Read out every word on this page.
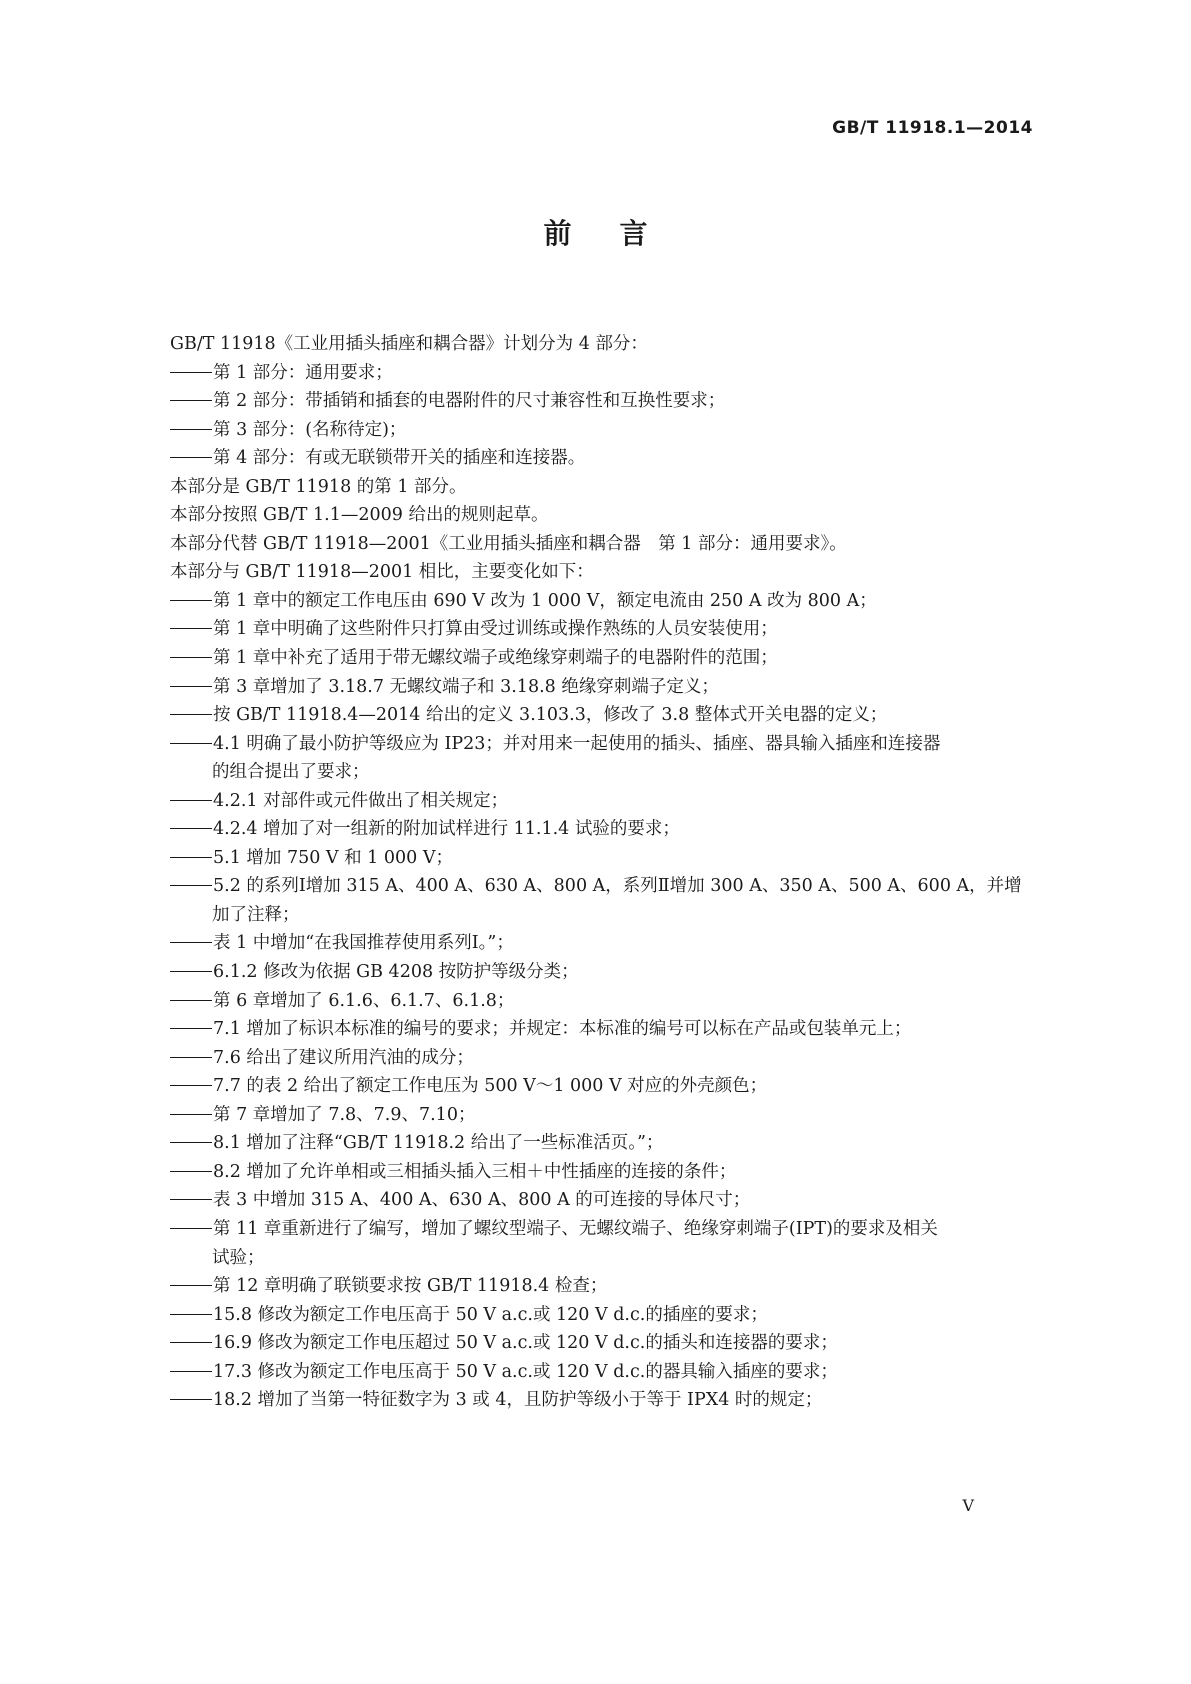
GB/T 11918.1—2014
前言
GB/T 11918《工业用插头插座和耦合器》计划分为 4 部分：
第 1 部分：通用要求；
第 2 部分：带插销和插套的电器附件的尺寸兼容性和互换性要求；
第 3 部分：(名称待定)；
第 4 部分：有或无联锁带开关的插座和连接器。
本部分是 GB/T 11918 的第 1 部分。
本部分按照 GB/T 1.1—2009 给出的规则起草。
本部分代替 GB/T 11918—2001《工业用插头插座和耦合器　第 1 部分：通用要求》。
本部分与 GB/T 11918—2001 相比，主要变化如下：
第 1 章中的额定工作电压由 690 V 改为 1 000 V，额定电流由 250 A 改为 800 A；
第 1 章中明确了这些附件只打算由受过训练或操作熟练的人员安装使用；
第 1 章中补充了适用于带无螺纹端子或绝缘穿刺端子的电器附件的范围；
第 3 章增加了 3.18.7 无螺纹端子和 3.18.8 绝缘穿刺端子定义；
按 GB/T 11918.4—2014 给出的定义 3.103.3，修改了 3.8 整体式开关电器的定义；
4.1 明确了最小防护等级应为 IP23；并对用来一起使用的插头、插座、器具输入插座和连接器
的组合提出了要求；
4.2.1 对部件或元件做出了相关规定；
4.2.4 增加了对一组新的附加试样进行 11.1.4 试验的要求；
5.1 增加 750 V 和 1 000 V；
5.2 的系列Ⅰ增加 315 A、400 A、630 A、800 A，系列Ⅱ增加 300 A、350 A、500 A、600 A，并增
加了注释；
表 1 中增加“在我国推荐使用系列Ⅰ。”；
6.1.2 修改为依据 GB 4208 按防护等级分类；
第 6 章增加了 6.1.6、6.1.7、6.1.8；
7.1 增加了标识本标准的编号的要求；并规定：本标准的编号可以标在产品或包装单元上；
7.6 给出了建议所用汽油的成分；
7.7 的表 2 给出了额定工作电压为 500 V～1 000 V 对应的外壳颜色；
第 7 章增加了 7.8、7.9、7.10；
8.1 增加了注释“GB/T 11918.2 给出了一些标准活页。”；
8.2 增加了允许单相或三相插头插入三相＋中性插座的连接的条件；
表 3 中增加 315 A、400 A、630 A、800 A 的可连接的导体尺寸；
第 11 章重新进行了编写，增加了螺纹型端子、无螺纹端子、绝缘穿刺端子(IPT)的要求及相关
试验；
第 12 章明确了联锁要求按 GB/T 11918.4 检查；
15.8 修改为额定工作电压高于 50 V a.c.或 120 V d.c.的插座的要求；
16.9 修改为额定工作电压超过 50 V a.c.或 120 V d.c.的插头和连接器的要求；
17.3 修改为额定工作电压高于 50 V a.c.或 120 V d.c.的器具输入插座的要求；
18.2 增加了当第一特征数字为 3 或 4，且防护等级小于等于 IPX4 时的规定；
V
